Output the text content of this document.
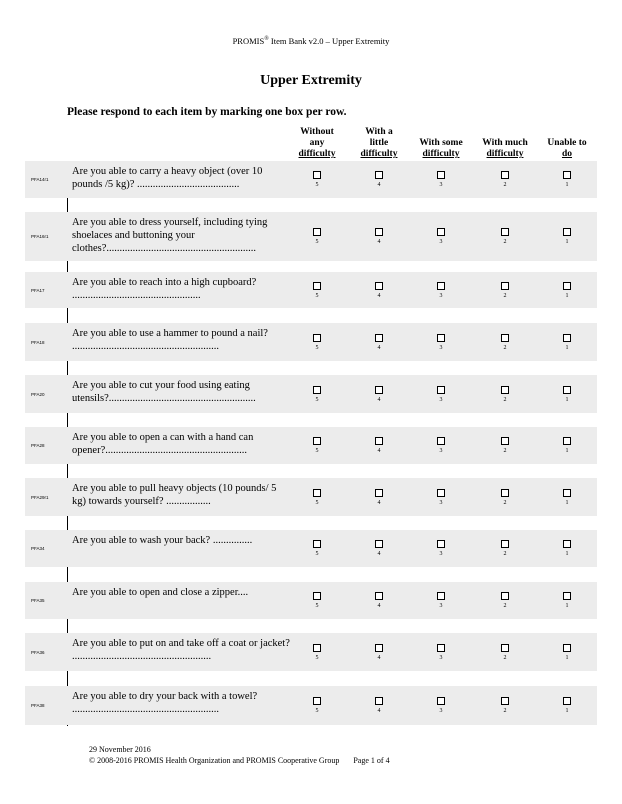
PROMIS® Item Bank v2.0 – Upper Extremity
Upper Extremity
Please respond to each item by marking one box per row.
Without
any
difficulty
With a
little
difficulty
With some
difficulty
With much
difficulty
Unable to
do
PFA14r1
Are you able to carry a heavy object (over 10 pounds /5 kg)? .......................................	5	4	3	2	1
PFA16r1
Are you able to dress yourself, including tying shoelaces and buttoning your clothes?.........................................................
5	4	3	2	1
PFA17
Are you able to reach into a high cupboard? .................................................	5	4	3	2	1
PFA18
Are you able to use a hammer to pound a nail? ........................................................	5	4	3	2	1
PFA20
Are you able to cut your food using eating utensils?........................................................	5	4	3	2	1
PFA28
Are you able to open a can with a hand can opener?......................................................	5	4	3	2	1
PFA29r1
Are you able to pull heavy objects (10 pounds/ 5 kg) towards yourself? .................	5	4	3	2	1
PFA34
Are you able to wash your back? ...............
5	4	3	2	1
PFA35
Are you able to open and close a zipper....
5	4	3	2	1
PFA36
Are you able to put on and take off a coat or jacket? .....................................................	5	4	3	2	1
PFA38
Are you able to dry your back with a towel? ........................................................	5	4	3	2	1
29 November 2016
© 2008-2016 PROMIS Health Organization and PROMIS Cooperative Group Page 1 of 4
